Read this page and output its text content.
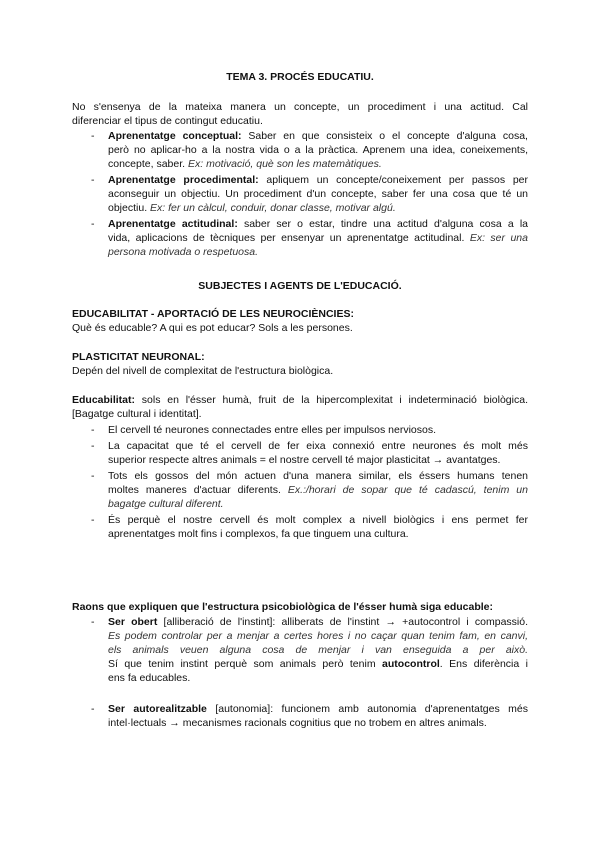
TEMA 3. PROCÉS EDUCATIU.
No s'ensenya de la mateixa manera un concepte, un procediment i una actitud. Cal
diferenciar el tipus de contingut educatiu.
- Aprenentatge conceptual: Saber en que consisteix o el concepte d'alguna cosa,
però no aplicar-ho a la nostra vida o a la pràctica. Aprenem una idea, coneixements,
concepte, saber. Ex: motivació, què son les matemàtiques.
- Aprenentatge procedimental: apliquem un concepte/coneixement per passos per
aconseguir un objectiu. Un procediment d'un concepte, saber fer una cosa que té un
objectiu. Ex: fer un càlcul, conduir, donar classe, motivar algú.
- Aprenentatge actitudinal: saber ser o estar, tindre una actitud d'alguna cosa a la
vida, aplicacions de tècniques per ensenyar un aprenentatge actitudinal. Ex: ser una
persona motivada o respetuosa.
SUBJECTES I AGENTS DE L'EDUCACIÓ.
EDUCABILITAT - APORTACIÓ DE LES NEUROCIÈNCIES:
Què és educable? A qui es pot educar? Sols a les persones.
PLASTICITAT NEURONAL:
Depén del nivell de complexitat de l'estructura biològica.
Educabilitat: sols en l'ésser humà, fruit de la hipercomplexitat i indeterminació biològica.
[Bagatge cultural i identitat].
- El cervell té neurones connectades entre elles per impulsos nerviosos.
- La capacitat que té el cervell de fer eixa connexió entre neurones és molt més
superior respecte altres animals = el nostre cervell té major plasticitat → avantatges.
- Tots els gossos del món actuen d'una manera similar, els éssers humans tenen
moltes maneres d'actuar diferents. Ex.:/horari de sopar que té cadascú, tenim un
bagatge cultural diferent.
- És perquè el nostre cervell és molt complex a nivell biològics i ens permet fer
aprenentatges molt fins i complexos, fa que tinguem una cultura.
Raons que expliquen que l'estructura psicobiològica de l'ésser humà siga educable:
- Ser obert [alliberació de l'instint]: alliberats de l'instint → +autocontrol i compassió.
Es podem controlar per a menjar a certes hores i no caçar quan tenim fam, en canvi,
els animals veuen alguna cosa de menjar i van enseguida a per això.
Sí que tenim instint perquè som animals però tenim autocontrol. Ens diferència i
ens fa educables.
- Ser autorealitzable [autonomia]: funcionem amb autonomia d'aprenentatges més
intel·lectuals → mecanismes racionals cognitius que no trobem en altres animals.
